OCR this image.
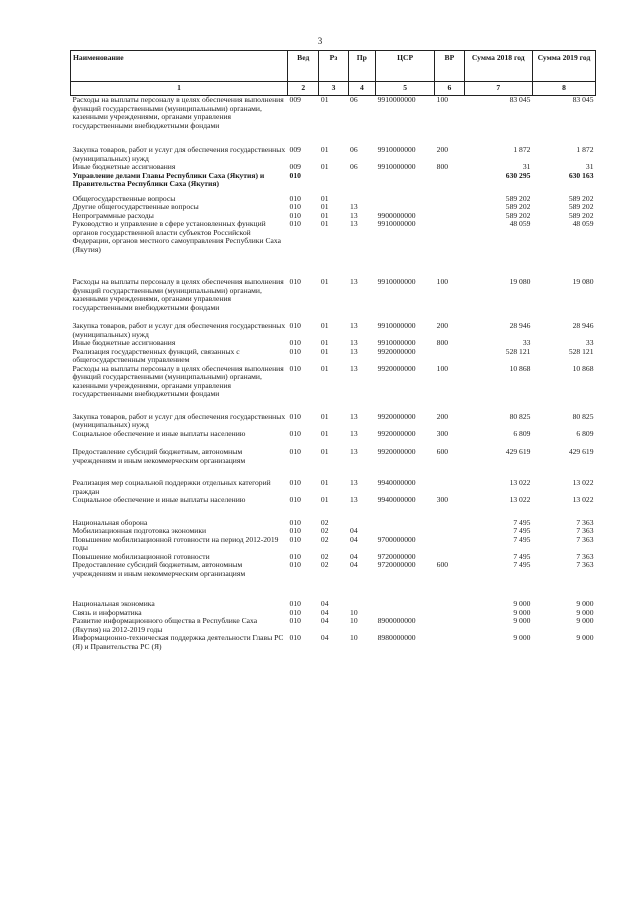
3
Наименование	Вед	Рз	Пр	ЦСР	ВР	Сумма 2018 год	Сумма 2019 год
1	2	3	4	5	6	7	8
Расходы на выплаты персоналу в целях обеспечения выполнения функций государственными (муниципальными) органами, казенными учреждениями, органами управления государственными внебюджетными фондами	009	01	06	9910000000	100	83 045	83 045
Закупка товаров, работ и услуг для обеспечения государственных (муниципальных) нужд	009	01	06	9910000000	200	1 872	1 872
Иные бюджетные ассигнования	009	01	06	9910000000	800	31	31
Управление делами Главы Республики Саха (Якутия) и Правительства Республики Саха (Якутия)	010					630 295	630 163
Общегосударственные вопросы	010	01				589 202	589 202
Другие общегосударственные вопросы	010	01	13			589 202	589 202
Непрограммные расходы	010	01	13	9900000000		589 202	589 202
Руководство и управление в сфере установленных функций органов государственной власти субъектов Российской Федерации, органов местного самоуправления Республики Саха (Якутия)	010	01	13	9910000000		48 059	48 059
Расходы на выплаты персоналу в целях обеспечения выполнения функций государственными (муниципальными) органами, казенными учреждениями, органами управления государственными внебюджетными фондами	010	01	13	9910000000	100	19 080	19 080
Закупка товаров, работ и услуг для обеспечения государственных (муниципальных) нужд	010	01	13	9910000000	200	28 946	28 946
Иные бюджетные ассигнования	010	01	13	9910000000	800	33	33
Реализация государственных функций, связанных с общегосударственным управлением	010	01	13	9920000000		528 121	528 121
Расходы на выплаты персоналу в целях обеспечения выполнения функций государственными (муниципальными) органами, казенными учреждениями, органами управления государственными внебюджетными фондами	010	01	13	9920000000	100	10 868	10 868
Закупка товаров, работ и услуг для обеспечения государственных (муниципальных) нужд	010	01	13	9920000000	200	80 825	80 825
Социальное обеспечение и иные выплаты населению	010	01	13	9920000000	300	6 809	6 809
Предоставление субсидий бюджетным, автономным учреждениям и иным некоммерческим организациям	010	01	13	9920000000	600	429 619	429 619
Реализация мер социальной поддержки отдельных категорий граждан	010	01	13	9940000000		13 022	13 022
Социальное обеспечение и иные выплаты населению	010	01	13	9940000000	300	13 022	13 022
Национальная оборона	010	02				7 495	7 363
Мобилизационная подготовка экономики	010	02	04			7 495	7 363
Повышение мобилизационной готовности на период 2012-2019 годы	010	02	04	9700000000		7 495	7 363
Повышение мобилизационной готовности	010	02	04	9720000000		7 495	7 363
Предоставление субсидий бюджетным, автономным учреждениям и иным некоммерческим организациям	010	02	04	9720000000	600	7 495	7 363
Национальная экономика	010	04				9 000	9 000
Связь и информатика	010	04	10			9 000	9 000
Развитие информационного общества в Республике Саха (Якутия) на 2012-2019 годы	010	04	10	8900000000		9 000	9 000
Информационно-техническая поддержка деятельности Главы РС (Я) и Правительства РС (Я)	010	04	10	8980000000		9 000	9 000
